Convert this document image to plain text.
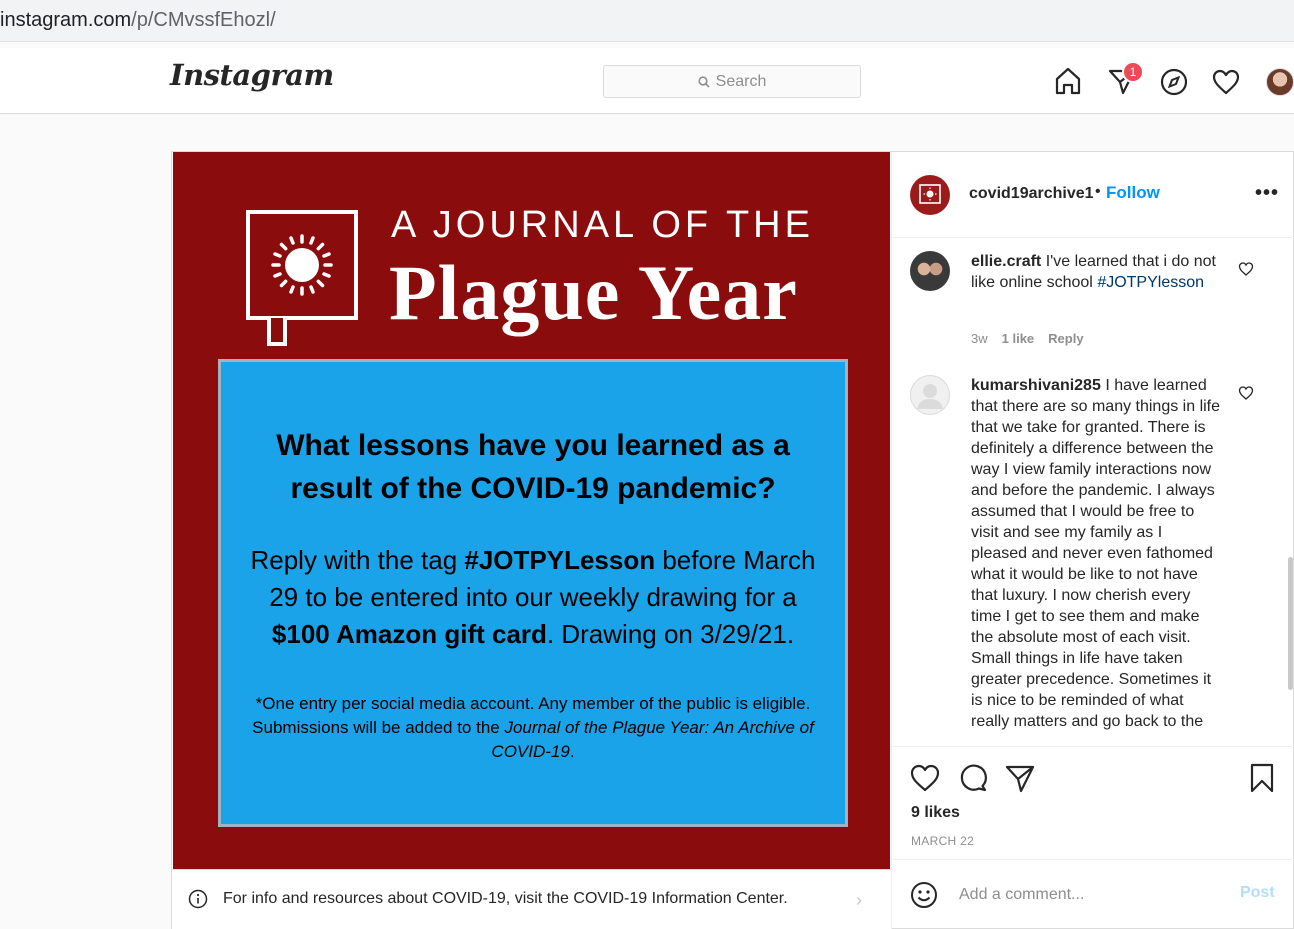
instagram.com/p/CMvssfEhozl/
Instagram	Search
1
A JOURNAL OF THE
Plague Year
What lessons have you learned as a result of the COVID-19 pandemic?
Reply with the tag #JOTPYLesson before March 29 to be entered into our weekly drawing for a $100 Amazon gift card. Drawing on 3/29/21.
*One entry per social media account. Any member of the public is eligible. Submissions will be added to the Journal of the Plague Year: An Archive of COVID-19.
For info and resources about COVID-19, visit the COVID-19 Information Center.	›
covid19archive1 • Follow	•••
ellie.craft I've learned that i do not like online school #JOTPYlesson
3w 1 like Reply
kumarshivani285 I have learned that there are so many things in life that we take for granted. There is definitely a difference between the way I view family interactions now and before the pandemic. I always assumed that I would be free to visit and see my family as I pleased and never even fathomed what it would be like to not have that luxury. I now cherish every time I get to see them and make the absolute most of each visit. Small things in life have taken greater precedence. Sometimes it is nice to be reminded of what really matters and go back to the
9 likes
MARCH 22
Add a comment...
Post
